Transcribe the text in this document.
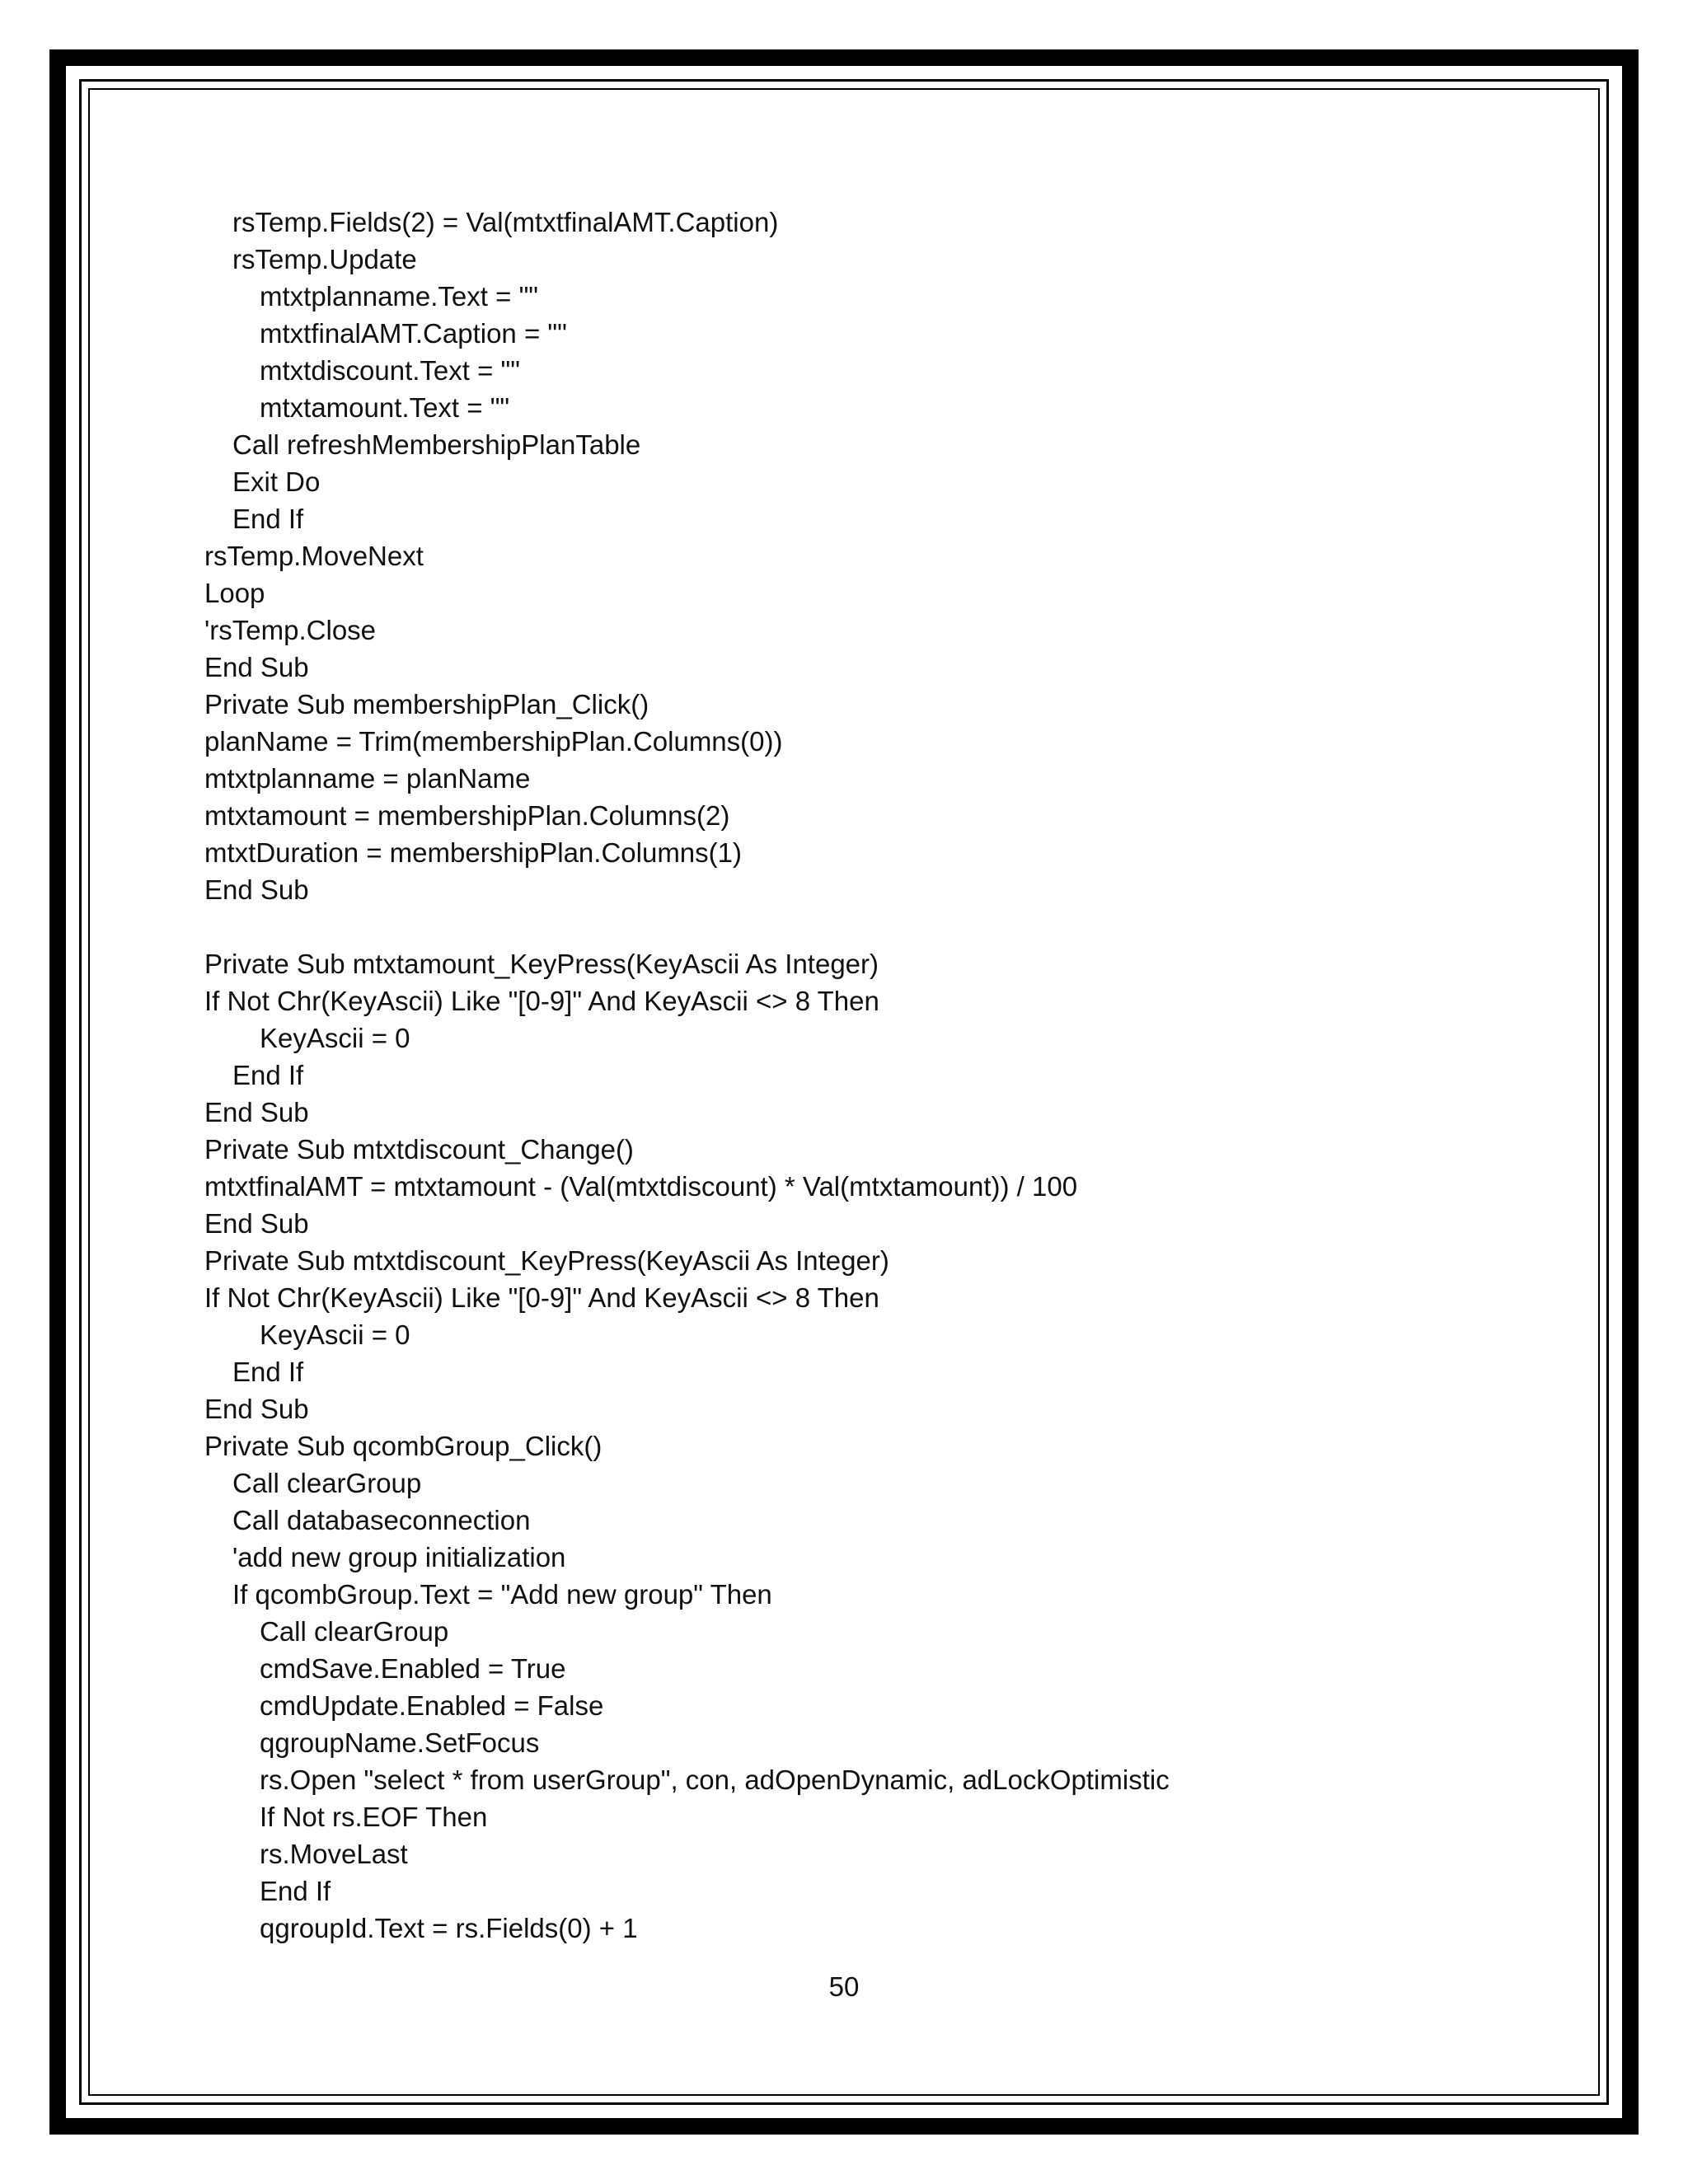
rsTemp.Fields(2) = Val(mtxtfinalAMT.Caption)
rsTemp.Update
mtxtplanname.Text = ""
mtxtfinalAMT.Caption = ""
mtxtdiscount.Text = ""
mtxtamount.Text = ""
Call refreshMembershipPlanTable
Exit Do
End If
rsTemp.MoveNext
Loop
'rsTemp.Close
End Sub
Private Sub membershipPlan_Click()
planName = Trim(membershipPlan.Columns(0))
mtxtplanname = planName
mtxtamount = membershipPlan.Columns(2)
mtxtDuration = membershipPlan.Columns(1)
End Sub
Private Sub mtxtamount_KeyPress(KeyAscii As Integer)
If Not Chr(KeyAscii) Like "[0-9]" And KeyAscii <> 8 Then
KeyAscii = 0
End If
End Sub
Private Sub mtxtdiscount_Change()
mtxtfinalAMT = mtxtamount - (Val(mtxtdiscount) * Val(mtxtamount)) / 100
End Sub
Private Sub mtxtdiscount_KeyPress(KeyAscii As Integer)
If Not Chr(KeyAscii) Like "[0-9]" And KeyAscii <> 8 Then
KeyAscii = 0
End If
End Sub
Private Sub qcombGroup_Click()
Call clearGroup
Call databaseconnection
'add new group initialization
If qcombGroup.Text = "Add new group" Then
Call clearGroup
cmdSave.Enabled = True
cmdUpdate.Enabled = False
qgroupName.SetFocus
rs.Open "select * from userGroup", con, adOpenDynamic, adLockOptimistic
If Not rs.EOF Then
rs.MoveLast
End If
qgroupId.Text = rs.Fields(0) + 1
50
